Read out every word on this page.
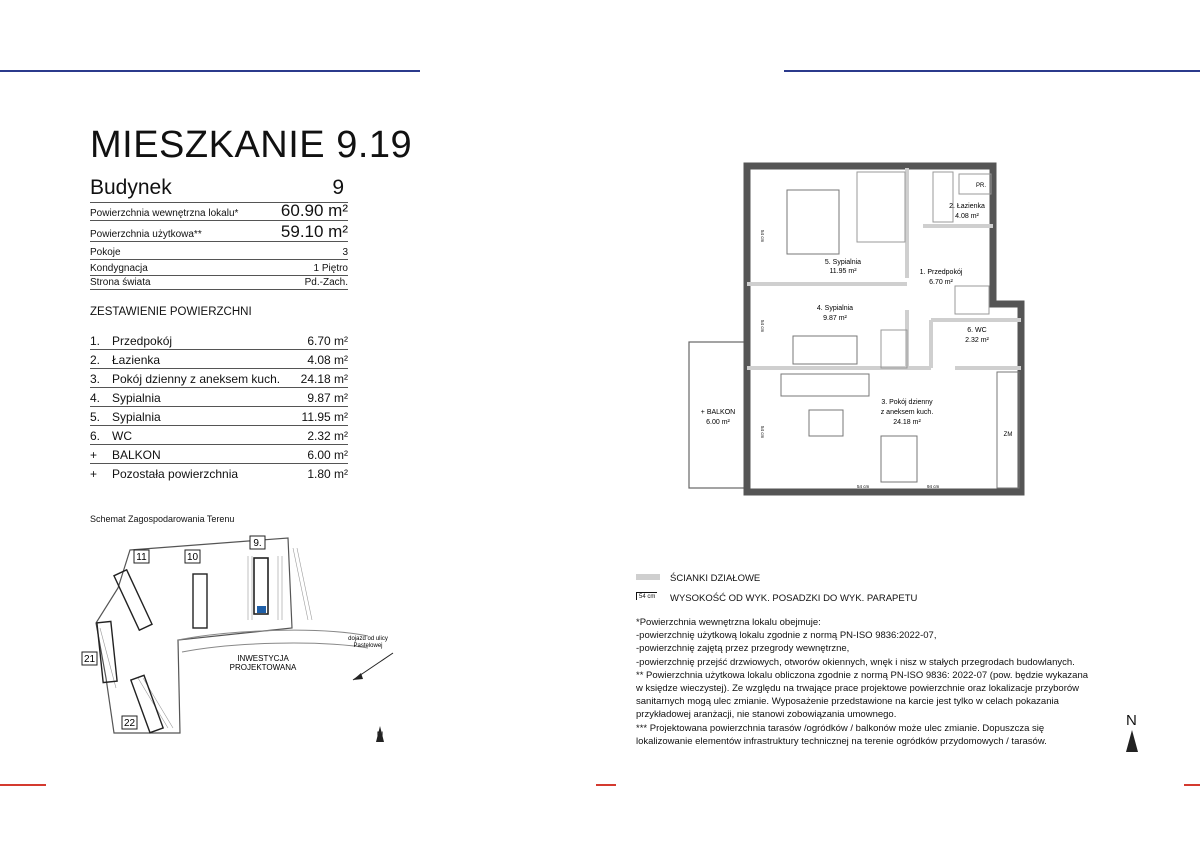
MIESZKANIE 9.19
Budynek	9
Powierzchnia wewnętrzna lokalu* 60.90 m²
Powierzchnia użytkowa**	59.10 m²
Pokoje	3
Kondygnacja	1 Piętro
Strona świata	Pd.-Zach.
ZESTAWIENIE POWIERZCHNI
1. Przedpokój	6.70 m²
2. Łazienka	4.08 m²
3. Pokój dzienny z aneksem kuch. 24.18 m²
4. Sypialnia	9.87 m²
5. Sypialnia	11.95 m²
6. WC	2.32 m²
+	BALKON	6.00 m²
+	Pozostała powierzchnia	1.80 m²
Schemat Zagospodarowania Terenu
11	10
9.
21
22
INWESTYCJA
PROJEKTOWANA
dojazd od ulicy
Pastelowej
+ BALKON
6.00 m²
PR.
ZM
2. Łazienka
4.08 m²
5. Sypialnia
11.95 m²	1. Przedpokój
6.70 m²
4. Sypialnia
9.87 m²
6. WC
2.32 m²
3. Pokój dzienny
z aneksem kuch.
24.18 m²
54 cm
54 cm
54 cm	94 cm
54 cm
N
ŚCIANKI DZIAŁOWE
54 cm WYSOKOŚĆ OD WYK. POSADZKI DO WYK. PARAPETU
*Powierzchnia wewnętrzna lokalu obejmuje:
-powierzchnię użytkową lokalu zgodnie z normą PN-ISO 9836:2022-07,
-powierzchnię zajętą przez przegrody wewnętrzne,
-powierzchnię przejść drzwiowych, otworów okiennych, wnęk i nisz w stałych przegrodach budowlanych.
** Powierzchnia użytkowa lokalu obliczona zgodnie z normą PN-ISO 9836: 2022-07 (pow. będzie wykazana
w księdze wieczystej). Ze względu na trwające prace projektowe powierzchnie oraz lokalizacje przyborów
sanitarnych mogą ulec zmianie. Wyposażenie przedstawione na karcie jest tylko w celach pokazania
przykładowej aranżacji, nie stanowi zobowiązania umownego.
*** Projektowana powierzchnia tarasów /ogródków / balkonów może ulec zmianie. Dopuszcza się
lokalizowanie elementów infrastruktury technicznej na terenie ogródków przydomowych / tarasów.
